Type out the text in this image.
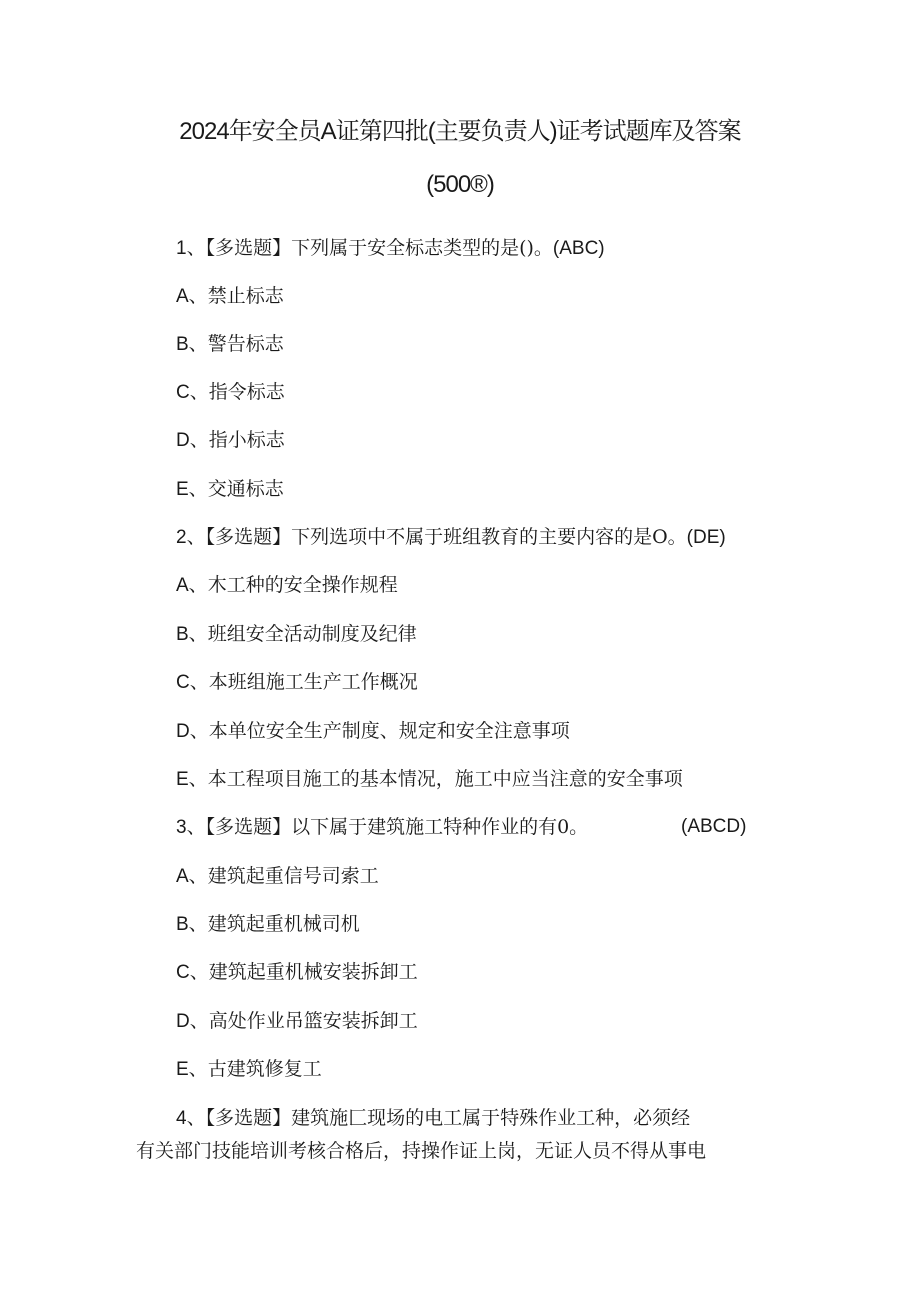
2024年安全员A证第四批(主要负责人)证考试题库及答案
(500®)
1、【多选题】下列属于安全标志类型的是()。(ABC)
A、禁止标志
B、警告标志
C、指令标志
D、指小标志
E、交通标志
2、【多选题】下列选项中不属于班组教育的主要内容的是O。(DE)
A、木工种的安全操作规程
B、班组安全活动制度及纪律
C、本班组施工生产工作概况
D、本单位安全生产制度、规定和安全注意事项
E、本工程项目施工的基本情况，施工中应当注意的安全事项
3、【多选题】以下属于建筑施工特种作业的有0。	(ABCD)
A、建筑起重信号司索工
B、建筑起重机械司机
C、建筑起重机械安装拆卸工
D、高处作业吊篮安装拆卸工
E、古建筑修复工
4、【多选题】建筑施匚现场的电工属于特殊作业工种，必须经
有关部门技能培训考核合格后，持操作证上岗，无证人员不得从事电
